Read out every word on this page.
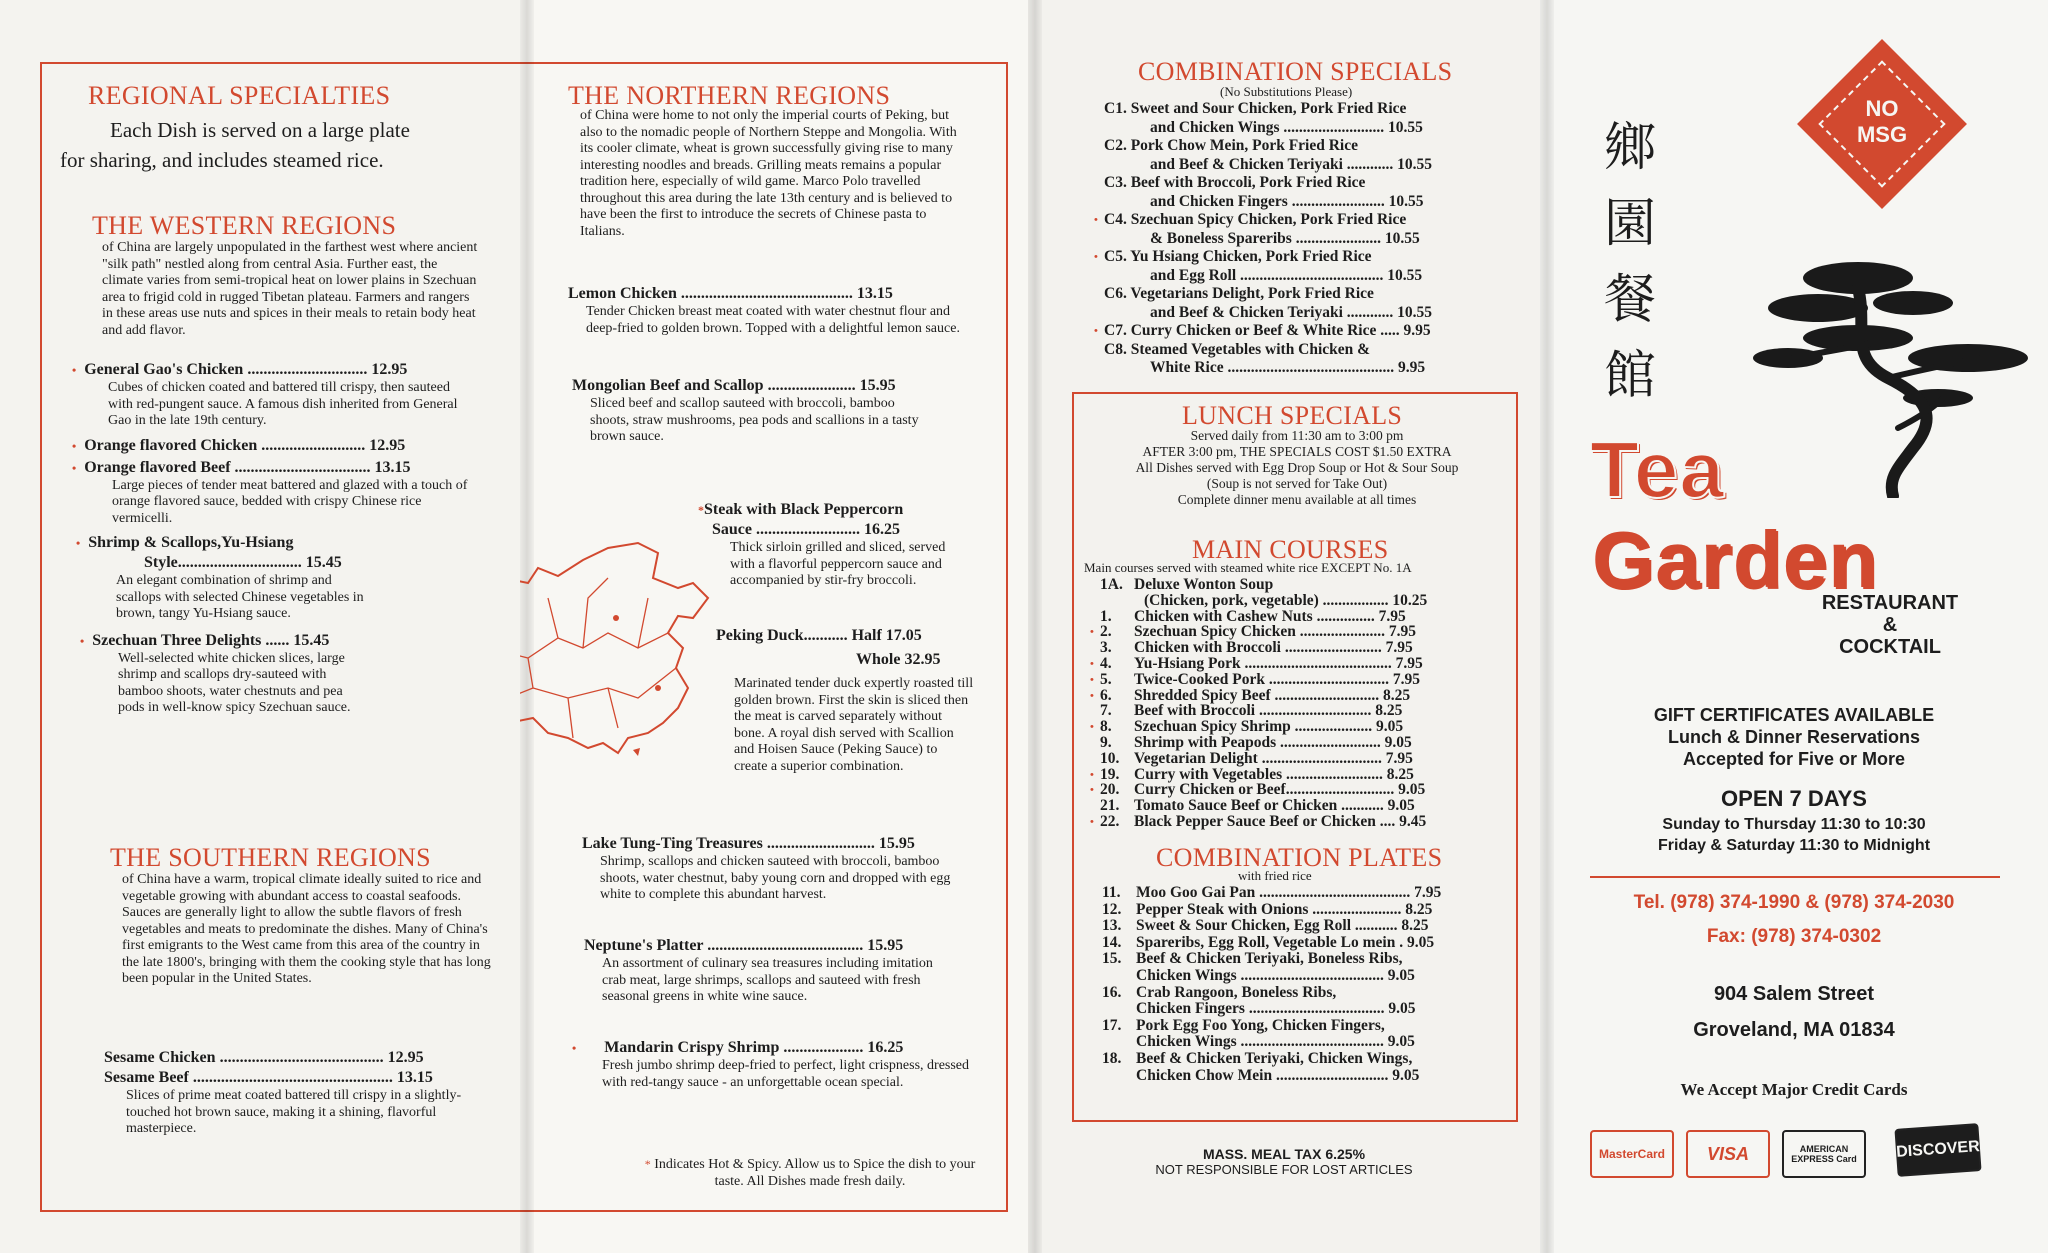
REGIONAL SPECIALTIES
Each Dish is served on a large plate
for sharing, and includes steamed rice.
THE WESTERN REGIONS
of China are largely unpopulated in the farthest west where ancient "silk path" nestled along from central Asia. Further east, the climate varies from semi-tropical heat on lower plains in Szechuan area to frigid cold in rugged Tibetan plateau. Farmers and rangers in these areas use nuts and spices in their meals to retain body heat and add flavor.
• General Gao's Chicken .............................. 12.95
Cubes of chicken coated and battered till crispy, then sauteed with red-pungent sauce. A famous dish inherited from General Gao in the late 19th century.
• Orange flavored Chicken .......................... 12.95
• Orange flavored Beef .................................. 13.15
Large pieces of tender meat battered and glazed with a touch of orange flavored sauce, bedded with crispy Chinese rice vermicelli.
• Shrimp & Scallops,Yu-Hsiang
Style............................... 15.45
An elegant combination of shrimp and scallops with selected Chinese vegetables in brown, tangy Yu-Hsiang sauce.
• Szechuan Three Delights ...... 15.45
Well-selected white chicken slices, large shrimp and scallops dry-sauteed with bamboo shoots, water chestnuts and pea pods in well-know spicy Szechuan sauce.
THE SOUTHERN REGIONS
of China have a warm, tropical climate ideally suited to rice and vegetable growing with abundant access to coastal seafoods. Sauces are generally light to allow the subtle flavors of fresh vegetables and meats to predominate the dishes. Many of China's first emigrants to the West came from this area of the country in the late 1800's, bringing with them the cooking style that has long been popular in the United States.
Sesame Chicken ......................................... 12.95
Sesame Beef .................................................. 13.15
Slices of prime meat coated battered till crispy in a slightly-touched hot brown sauce, making it a shining, flavorful masterpiece.
THE NORTHERN REGIONS
of China were home to not only the imperial courts of Peking, but also to the nomadic people of Northern Steppe and Mongolia. With its cooler climate, wheat is grown successfully giving rise to many interesting noodles and breads. Grilling meats remains a popular tradition here, especially of wild game. Marco Polo travelled throughout this area during the late 13th century and is believed to have been the first to introduce the secrets of Chinese pasta to Italians.
Lemon Chicken ........................................... 13.15
Tender Chicken breast meat coated with water chestnut flour and deep-fried to golden brown. Topped with a delightful lemon sauce.
Mongolian Beef and Scallop ...................... 15.95
Sliced beef and scallop sauteed with broccoli, bamboo shoots, straw mushrooms, pea pods and scallions in a tasty brown sauce.
*Steak with Black Peppercorn
Sauce .......................... 16.25
Thick sirloin grilled and sliced, served with a flavorful peppercorn sauce and accompanied by stir-fry broccoli.
Peking Duck........... Half 17.05
Whole 32.95
Marinated tender duck expertly roasted till golden brown. First the skin is sliced then the meat is carved separately without bone. A royal dish served with Scallion and Hoisen Sauce (Peking Sauce) to create a superior combination.
Lake Tung-Ting Treasures ........................... 15.95
Shrimp, scallops and chicken sauteed with broccoli, bamboo shoots, water chestnut, baby young corn and dropped with egg white to complete this abundant harvest.
Neptune's Platter ....................................... 15.95
An assortment of culinary sea treasures including imitation crab meat, large shrimps, scallops and sauteed with fresh seasonal greens in white wine sauce.
• Mandarin Crispy Shrimp .................... 16.25
Fresh jumbo shrimp deep-fried to perfect, light crispness, dressed with red-tangy sauce - an unforgettable ocean special.
* Indicates Hot & Spicy. Allow us to Spice the dish to your
taste. All Dishes made fresh daily.
COMBINATION SPECIALS
(No Substitutions Please)
C1. Sweet and Sour Chicken, Pork Fried Rice
and Chicken Wings .......................... 10.55
C2. Pork Chow Mein, Pork Fried Rice
and Beef & Chicken Teriyaki ............ 10.55
C3. Beef with Broccoli, Pork Fried Rice
and Chicken Fingers ........................ 10.55
• C4. Szechuan Spicy Chicken, Pork Fried Rice
& Boneless Spareribs ...................... 10.55
• C5. Yu Hsiang Chicken, Pork Fried Rice
and Egg Roll ..................................... 10.55
C6. Vegetarians Delight, Pork Fried Rice
and Beef & Chicken Teriyaki ............ 10.55
• C7. Curry Chicken or Beef & White Rice ..... 9.95
C8. Steamed Vegetables with Chicken &
White Rice ........................................... 9.95
LUNCH SPECIALS
Served daily from 11:30 am to 3:00 pm
AFTER 3:00 pm, THE SPECIALS COST $1.50 EXTRA
All Dishes served with Egg Drop Soup or Hot & Sour Soup
(Soup is not served for Take Out)
Complete dinner menu available at all times
MAIN COURSES
Main courses served with steamed white rice EXCEPT No. 1A
1A. Deluxe Wonton Soup
(Chicken, pork, vegetable) ................. 10.25
1. Chicken with Cashew Nuts ............... 7.95
• 2. Szechuan Spicy Chicken ...................... 7.95
3. Chicken with Broccoli ......................... 7.95
• 4. Yu-Hsiang Pork ...................................... 7.95
• 5. Twice-Cooked Pork ............................... 7.95
• 6. Shredded Spicy Beef ........................... 8.25
7. Beef with Broccoli ............................. 8.25
• 8. Szechuan Spicy Shrimp .................... 9.05
9. Shrimp with Peapods .......................... 9.05
10. Vegetarian Delight ............................... 7.95
• 19. Curry with Vegetables ......................... 8.25
• 20. Curry Chicken or Beef............................ 9.05
21. Tomato Sauce Beef or Chicken ........... 9.05
• 22. Black Pepper Sauce Beef or Chicken .... 9.45
COMBINATION PLATES
with fried rice
11. Moo Goo Gai Pan ....................................... 7.95
12. Pepper Steak with Onions ....................... 8.25
13. Sweet & Sour Chicken, Egg Roll ........... 8.25
14. Spareribs, Egg Roll, Vegetable Lo mein . 9.05
15. Beef & Chicken Teriyaki, Boneless Ribs,
Chicken Wings ..................................... 9.05
16. Crab Rangoon, Boneless Ribs,
Chicken Fingers ................................... 9.05
17. Pork Egg Foo Yong, Chicken Fingers,
Chicken Wings ..................................... 9.05
18. Beef & Chicken Teriyaki, Chicken Wings,
Chicken Chow Mein ............................. 9.05
MASS. MEAL TAX 6.25%
NOT RESPONSIBLE FOR LOST ARTICLES
NO
MSG
鄉
園
餐
館
Tea
Garden
RESTAURANT
&
COCKTAIL
GIFT CERTIFICATES AVAILABLE
Lunch & Dinner Reservations
Accepted for Five or More
OPEN 7 DAYS
Sunday to Thursday 11:30 to 10:30
Friday & Saturday 11:30 to Midnight
Tel. (978) 374-1990 & (978) 374-2030
Fax: (978) 374-0302
904 Salem Street
Groveland, MA 01834
We Accept Major Credit Cards
MasterCard	VISA	AMERICAN EXPRESS Card	DISCOVER
